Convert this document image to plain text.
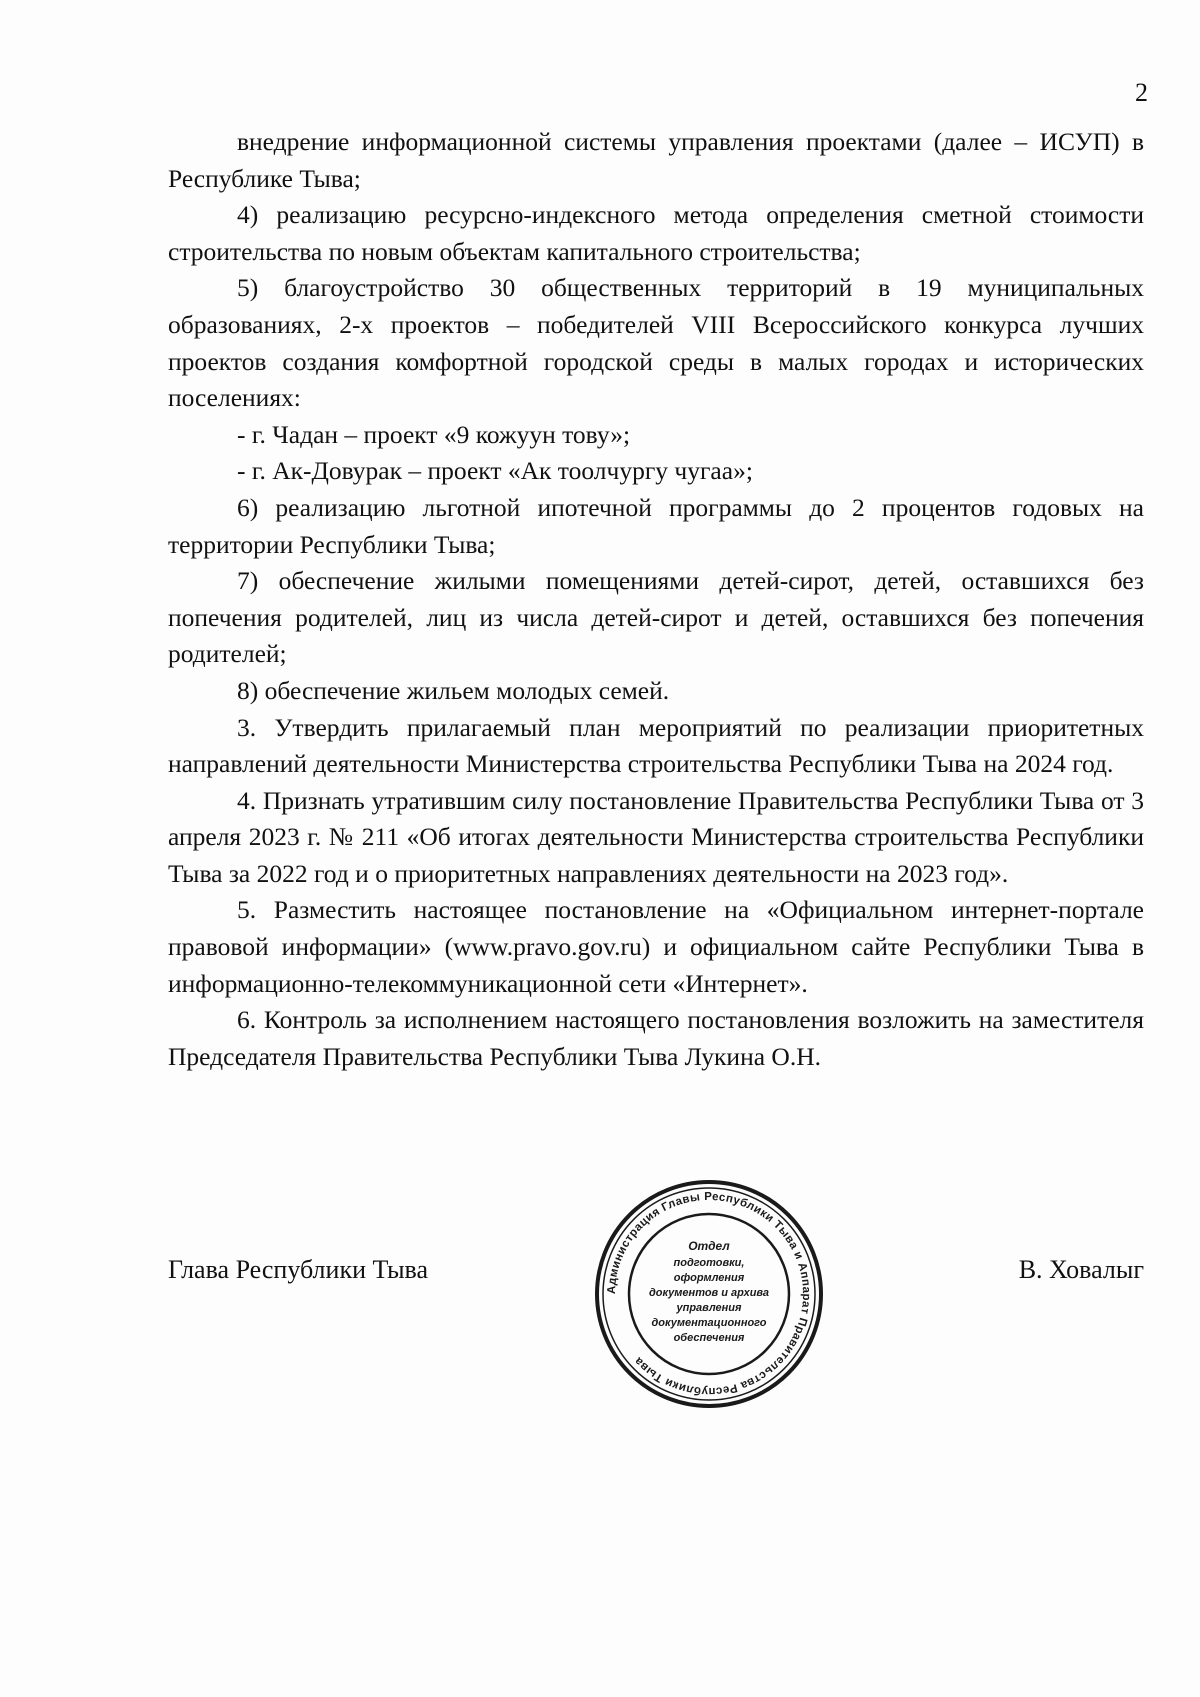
2

внедрение информационной системы управления проектами (далее – ИСУП) в Республике Тыва;

4) реализацию ресурсно-индексного метода определения сметной стоимости строительства по новым объектам капитального строительства;

5) благоустройство 30 общественных территорий в 19 муниципальных образованиях, 2-х проектов – победителей VIII Всероссийского конкурса лучших проектов создания комфортной городской среды в малых городах и исторических поселениях:

- г. Чадан – проект «9 кожуун тову»;

- г. Ак-Довурак – проект «Ак тоолчургу чугаа»;

6) реализацию льготной ипотечной программы до 2 процентов годовых на территории Республики Тыва;

7) обеспечение жилыми помещениями детей-сирот, детей, оставшихся без попечения родителей, лиц из числа детей-сирот и детей, оставшихся без попечения родителей;

8) обеспечение жильем молодых семей.

3. Утвердить прилагаемый план мероприятий по реализации приоритетных направлений деятельности Министерства строительства Республики Тыва на 2024 год.

4. Признать утратившим силу постановление Правительства Республики Тыва от 3 апреля 2023 г. № 211 «Об итогах деятельности Министерства строительства Республики Тыва за 2022 год и о приоритетных направлениях деятельности на 2023 год».

5. Разместить настоящее постановление на «Официальном интернет-портале правовой информации» (www.pravo.gov.ru) и официальном сайте Республики Тыва в информационно-телекоммуникационной сети «Интернет».

6. Контроль за исполнением настоящего постановления возложить на заместителя Председателя Правительства Республики Тыва Лукина О.Н.

Глава Республики Тыва	В. Ховалыг
Администрация Главы Республики Тыва и Аппарат Правительства Республики Тыва
Отдел
подготовки,
оформления
документов и архива
управления
документационного
обеспечения
